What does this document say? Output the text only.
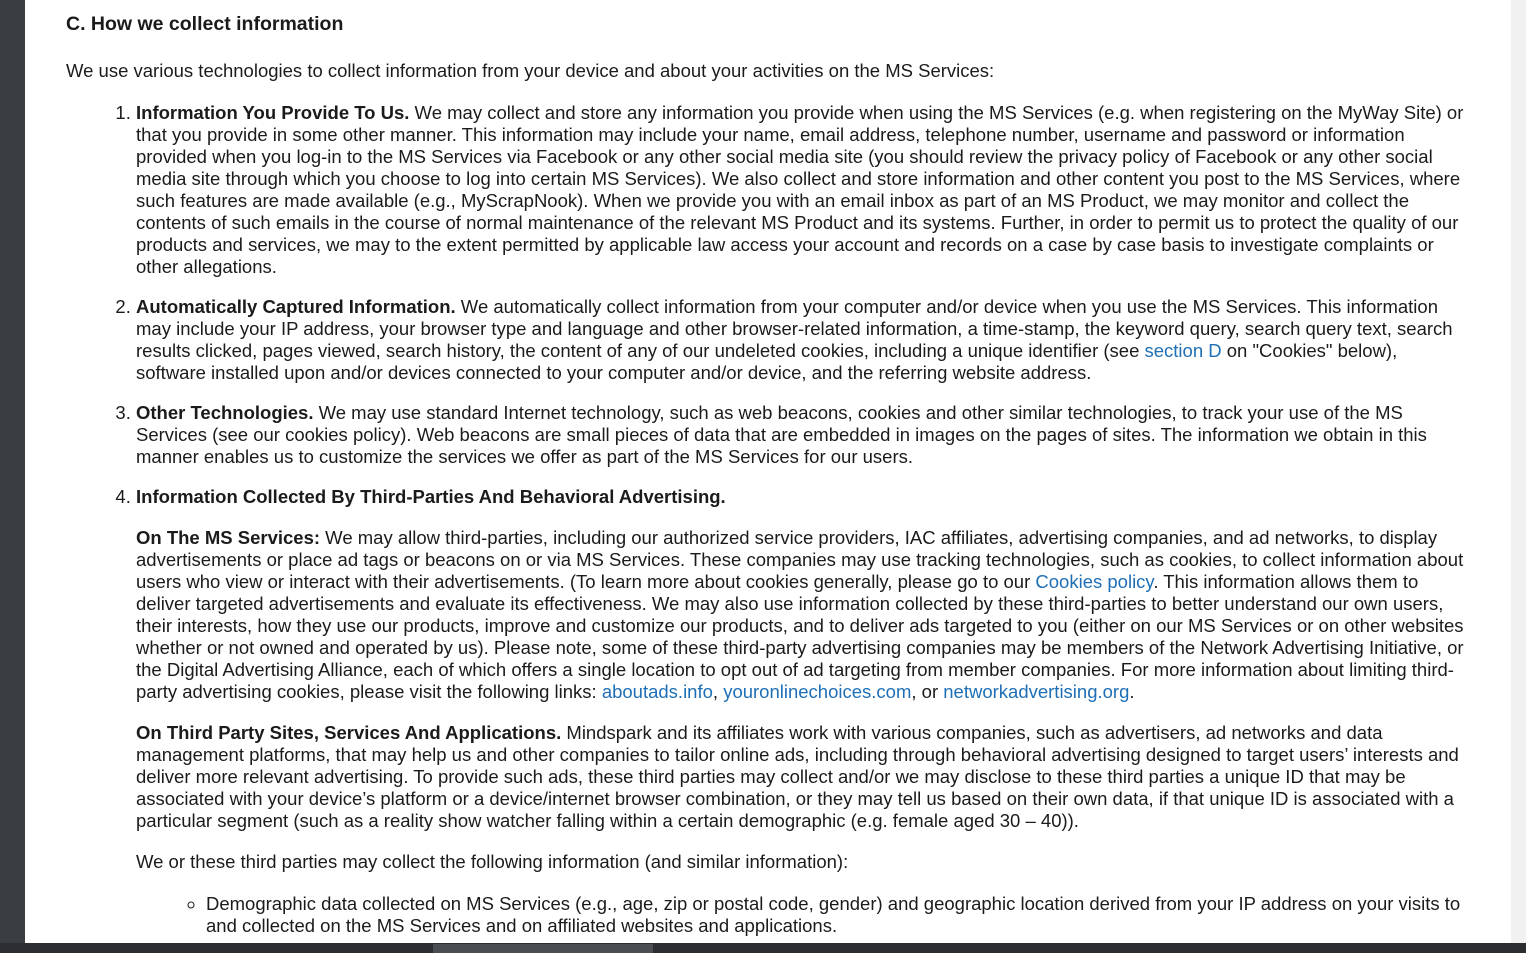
C. How we collect information

We use various technologies to collect information from your device and about your activities on the MS Services:

1. Information You Provide To Us. We may collect and store any information you provide when using the MS Services (e.g. when registering on the MyWay Site) or that you provide in some other manner. This information may include your name, email address, telephone number, username and password or information provided when you log-in to the MS Services via Facebook or any other social media site (you should review the privacy policy of Facebook or any other social media site through which you choose to log into certain MS Services). We also collect and store information and other content you post to the MS Services, where such features are made available (e.g., MyScrapNook). When we provide you with an email inbox as part of an MS Product, we may monitor and collect the contents of such emails in the course of normal maintenance of the relevant MS Product and its systems. Further, in order to permit us to protect the quality of our products and services, we may to the extent permitted by applicable law access your account and records on a case by case basis to investigate complaints or other allegations.
2. Automatically Captured Information. We automatically collect information from your computer and/or device when you use the MS Services. This information may include your IP address, your browser type and language and other browser-related information, a time-stamp, the keyword query, search query text, search results clicked, pages viewed, search history, the content of any of our undeleted cookies, including a unique identifier (see section D on "Cookies" below), software installed upon and/or devices connected to your computer and/or device, and the referring website address.
3. Other Technologies. We may use standard Internet technology, such as web beacons, cookies and other similar technologies, to track your use of the MS Services (see our cookies policy). Web beacons are small pieces of data that are embedded in images on the pages of sites. The information we obtain in this manner enables us to customize the services we offer as part of the MS Services for our users.
4. Information Collected By Third-Parties And Behavioral Advertising.

On The MS Services: We may allow third-parties, including our authorized service providers, IAC affiliates, advertising companies, and ad networks, to display advertisements or place ad tags or beacons on or via MS Services. These companies may use tracking technologies, such as cookies, to collect information about users who view or interact with their advertisements. (To learn more about cookies generally, please go to our Cookies policy. This information allows them to deliver targeted advertisements and evaluate its effectiveness. We may also use information collected by these third-parties to better understand our own users, their interests, how they use our products, improve and customize our products, and to deliver ads targeted to you (either on our MS Services or on other websites whether or not owned and operated by us). Please note, some of these third-party advertising companies may be members of the Network Advertising Initiative, or the Digital Advertising Alliance, each of which offers a single location to opt out of ad targeting from member companies. For more information about limiting third-party advertising cookies, please visit the following links: aboutads.info, youronlinechoices.com, or networkadvertising.org.

On Third Party Sites, Services And Applications. Mindspark and its affiliates work with various companies, such as advertisers, ad networks and data management platforms, that may help us and other companies to tailor online ads, including through behavioral advertising designed to target users’ interests and deliver more relevant advertising. To provide such ads, these third parties may collect and/or we may disclose to these third parties a unique ID that may be associated with your device’s platform or a device/internet browser combination, or they may tell us based on their own data, if that unique ID is associated with a particular segment (such as a reality show watcher falling within a certain demographic (e.g. female aged 30 – 40)).

We or these third parties may collect the following information (and similar information):

◦ Demographic data collected on MS Services (e.g., age, zip or postal code, gender) and geographic location derived from your IP address on your visits to and collected on the MS Services and on affiliated websites and applications.
